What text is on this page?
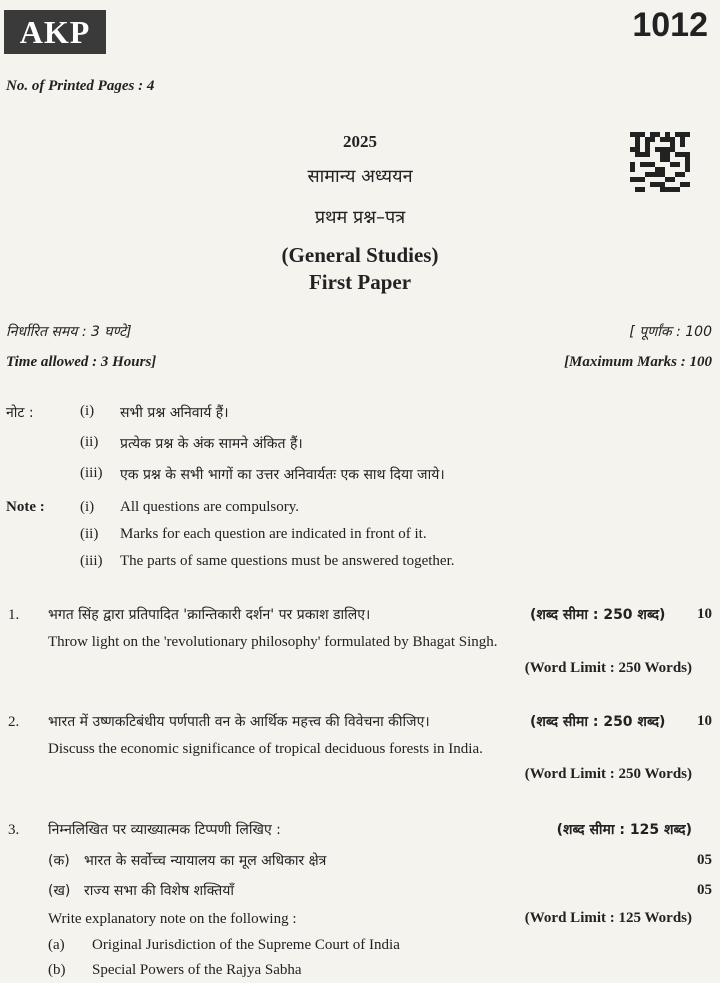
AKP	1012
No. of Printed Pages : 4
2025
सामान्य अध्ययन
प्रथम प्रश्न–पत्र
(General Studies)
First Paper
निर्धारित समय : 3 घण्टे]	[ पूर्णांक : 100
Time allowed : 3 Hours]	[Maximum Marks : 100
नोट :	(i) सभी प्रश्न अनिवार्य हैं।
(ii) प्रत्येक प्रश्न के अंक सामने अंकित हैं।
(iii) एक प्रश्न के सभी भागों का उत्तर अनिवार्यतः एक साथ दिया जाये।
Note : (i) All questions are compulsory.
(ii) Marks for each question are indicated in front of it.
(iii) The parts of same questions must be answered together.
1. भगत सिंह द्वारा प्रतिपादित 'क्रान्तिकारी दर्शन' पर प्रकाश डालिए।	(शब्द सीमा : 250 शब्द) 10
Throw light on the 'revolutionary philosophy' formulated by Bhagat Singh.
(Word Limit : 250 Words)
2. भारत में उष्णकटिबंधीय पर्णपाती वन के आर्थिक महत्त्व की विवेचना कीजिए।	(शब्द सीमा : 250 शब्द) 10
Discuss the economic significance of tropical deciduous forests in India.
(Word Limit : 250 Words)
3. निम्नलिखित पर व्याख्यात्मक टिप्पणी लिखिए :	(शब्द सीमा : 125 शब्द)
(क) भारत के सर्वोच्च न्यायालय का मूल अधिकार क्षेत्र	05
(ख) राज्य सभा की विशेष शक्तियाँ	05
Write explanatory note on the following :	(Word Limit : 125 Words)
(a) Original Jurisdiction of the Supreme Court of India
(b) Special Powers of the Rajya Sabha
